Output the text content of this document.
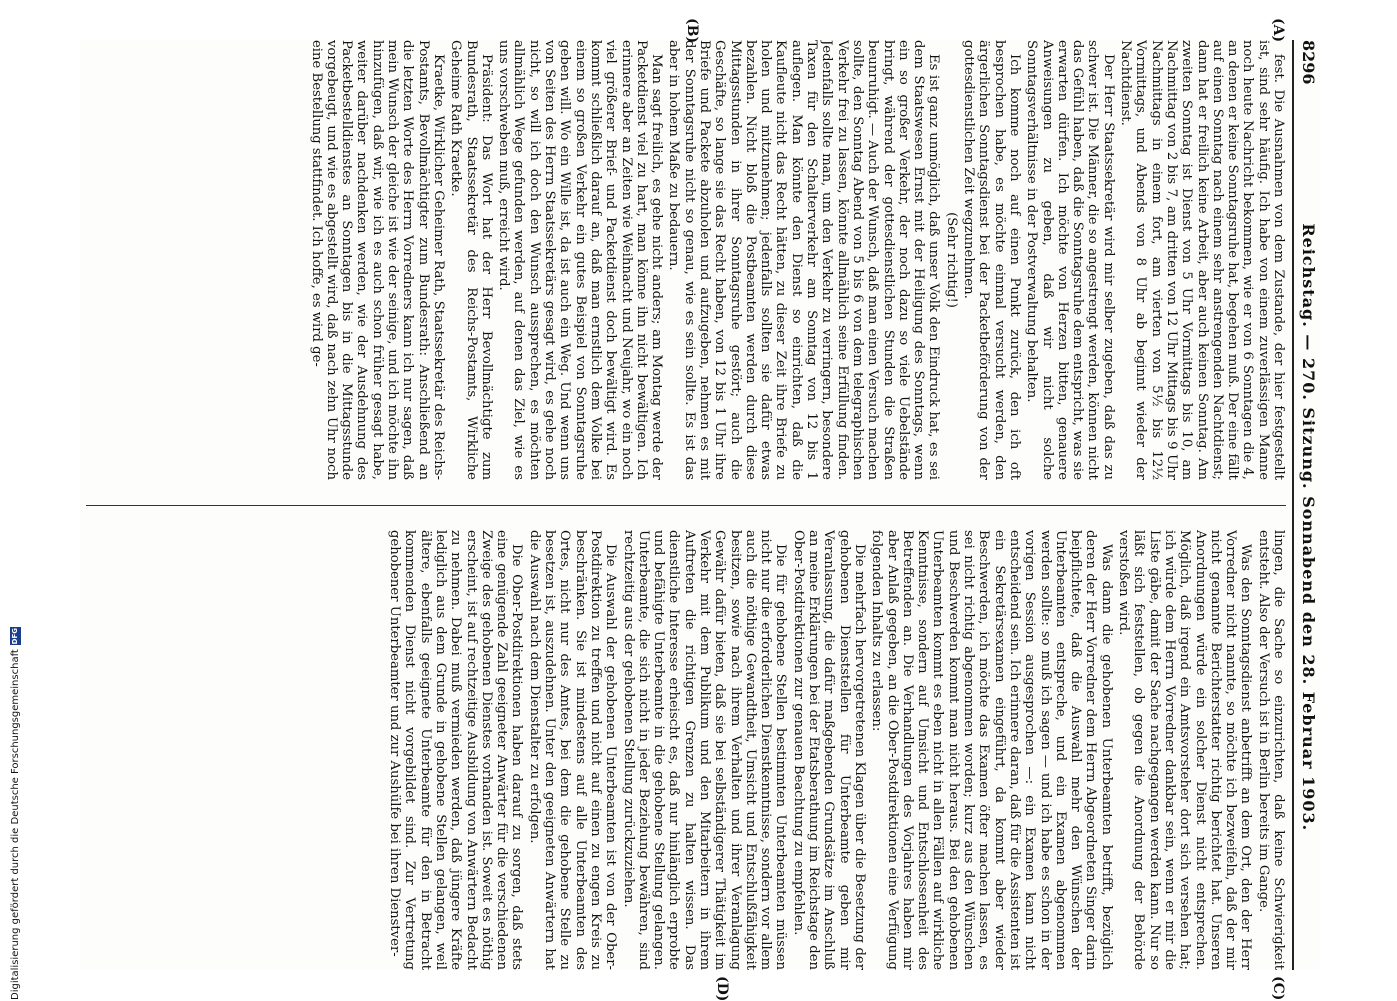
8296
Reichstag. — 270. Sitzung. Sonnabend den 28. Februar 1903.
(A)
(B)
(C)
(D)

fest. Die Ausnahmen von dem Zustande, der hier festgestellt ist, sind sehr häufig. Ich habe von einem zuverlässigen Manne noch heute Nachricht bekommen, wie er von 6 Sonntagen die 4, an denen er keine Sonntagsruhe hat, begehen muß. Der eine fällt auf einen Sonntag nach einem sehr anstrengenden Nachtdienst; dann hat er freilich keine Arbeit, aber auch keinen Sonntag. Am zweiten Sonntag ist Dienst von 5 Uhr Vormittags bis 10, am Nachmittag von 2 bis 7, am dritten von 12 Uhr Mittags bis 9 Uhr Nachmittags in einem fort, am vierten von 5½ bis 12½ Vormittags, und Abends von 8 Uhr ab beginnt wieder der Nachtdienst.

Der Herr Staatssekretär wird mir selber zugeben, daß das zu schwer ist. Die Männer, die so angestrengt werden, können nicht das Gefühl haben, daß die Sonntagsruhe dem entspricht, was sie erwarten dürfen. Ich möchte von Herzen bitten, genauere Anweisungen zu geben, daß wir nicht solche Sonntagsverhältnisse in der Postverwaltung behalten.

Ich komme noch auf einen Punkt zurück, den ich oft besprochen habe, es möchte einmal versucht werden, den ärgerlichen Sonntagsdienst bei der Packetbeförderung von der gottesdienstlichen Zeit wegzunehmen.

(Sehr richtig!)

Es ist ganz unmöglich, daß unser Volk den Eindruck hat, es sei dem Staatswesen Ernst mit der Heiligung des Sonntags, wenn ein so großer Verkehr, der noch dazu so viele Uebelstände bringt, während der gottesdienstlichen Stunden die Straßen beunruhigt. — Auch der Wunsch, daß man einen Versuch machen sollte, den Sonntag Abend von 5 bis 6 von dem telegraphischen Verkehr frei zu lassen, könnte allmählich seine Erfüllung finden. Jedenfalls sollte man, um den Verkehr zu verringern, besondere Taxen für den Schalterverkehr am Sonntag von 12 bis 1 auflegen. Man könnte den Dienst so einrichten, daß die Kaufleute nicht das Recht hätten, zu dieser Zeit ihre Briefe zu holen und mitzunehmen; jedenfalls sollten sie dafür etwas bezahlen. Nicht bloß die Postbeamten werden durch diese Mittagsstunden in ihrer Sonntagsruhe gestört; auch die Geschäfte, so lange sie das Recht haben, von 12 bis 1 Uhr ihre Briefe und Packete abzuholen und aufzugeben, nehmen es mit der Sonntagsruhe nicht so genau, wie es sein sollte. Es ist das aber in hohem Maße zu bedauern.

Man sagt freilich, es gehe nicht anders; am Montag werde der Packetdienst viel zu hart, man könne ihn nicht bewältigen. Ich erinnere aber an Zeiten wie Weihnacht und Neujahr, wo ein noch viel größerer Brief- und Packetdienst doch bewältigt wird. Es kommt schließlich darauf an, daß man ernstlich dem Volke bei einem so großen Verkehr ein gutes Beispiel von Sonntagsruhe geben will. Wo ein Wille ist, da ist auch ein Weg. Und wenn uns von Seiten des Herrn Staatssekretärs gesagt wird, es gehe noch nicht, so will ich doch den Wunsch aussprechen, es möchten allmählich Wege gefunden werden, auf denen das Ziel, wie es uns vorschweben muß, erreicht wird.

Präsident: Das Wort hat der Herr Bevollmächtigte zum Bundesrath, Staatssekretär des Reichs-Postamts, Wirkliche Geheime Rath Kraetke.

Kraetke, Wirklicher Geheimer Rath, Staatssekretär des Reichs-Postamts, Bevollmächtigter zum Bundesrath: Anschließend an die letzten Worte des Herrn Vorredners kann ich nur sagen, daß mein Wunsch der gleiche ist wie der seinige, und ich möchte ihn hinzufügen, daß wir, wie ich es auch schon früher gesagt habe, weiter darüber nachdenken werden, wie der Ausdehnung des Packetbestelldienstes an Sonntagen bis in die Mittagsstunde vorgebeugt, und wie es abgestellt wird, daß nach zehn Uhr noch eine Bestellung stattfindet. Ich hoffe, es wird ge-

lingen, die Sache so einzurichten, daß keine Schwierigkeit entsteht. Also der Versuch ist in Berlin bereits im Gange.

Was den Sonntagsdienst anbetrifft an dem Ort, den der Herr Vorredner nicht nannte, so möchte ich bezweifeln, daß der mir nicht genannte Berichterstatter richtig berichtet hat. Unseren Anordnungen würde ein solcher Dienst nicht entsprechen. Möglich, daß irgend ein Amtsvorsteher dort sich versehen hat; ich würde dem Herrn Vorredner dankbar sein, wenn er mir die Liste gäbe, damit der Sache nachgegangen werden kann. Nur so läßt sich feststellen, ob gegen die Anordnung der Behörde verstoßen wird.

Was dann die gehobenen Unterbeamten betrifft, bezüglich deren der Herr Vorredner dem Herrn Abgeordneten Singer darin beipflichtete, daß die Auswahl mehr den Wünschen der Unterbeamten entspreche, und ein Examen abgenommen werden sollte: so muß ich sagen — und ich habe es schon in der vorigen Session ausgesprochen —: ein Examen kann nicht entscheidend sein. Ich erinnere daran, daß für die Assistenten ist ein Sekretärsexamen eingeführt, da kommt aber wieder Beschwerden, ich möchte das Examen öfter machen lassen, es sei nicht richtig abgenommen worden; kurz aus den Wünschen und Beschwerden kommt man nicht heraus. Bei den gehobenen Unterbeamten kommt es eben nicht in allen Fällen auf wirkliche Kenntnisse, sondern auf Umsicht und Entschlossenheit des Betreffenden an. Die Verhandlungen des Vorjahres haben mir aber Anlaß gegeben, an die Ober-Postdirektionen eine Verfügung folgenden Inhalts zu erlassen:

Die mehrfach hervorgetretenen Klagen über die Besetzung der gehobenen Dienststellen für Unterbeamte geben mir Veranlassung, die dafür maßgebenden Grundsätze im Anschluß an meine Erklärungen bei der Etatsberathung im Reichstage den Ober-Postdirektionen zur genauen Beachtung zu empfehlen.

Die für gehobene Stellen bestimmten Unterbeamten müssen nicht nur die erforderlichen Dienstkenntnisse, sondern vor allem auch die nöthige Gewandtheit, Umsicht und Entschlußfähigkeit besitzen, sowie nach ihrem Verhalten und ihrer Veranlagung Gewähr dafür bieten, daß sie bei selbständigerer Thätigkeit im Verkehr mit dem Publikum und den Mitarbeitern in ihrem Auftreten die richtigen Grenzen zu halten wissen. Das dienstliche Interesse erheischt es, daß nur hinlänglich erprobte und befähigte Unterbeamte in die gehobene Stellung gelangen. Unterbeamte, die sich nicht in jeder Beziehung bewähren, sind rechtzeitig aus der gehobenen Stellung zurückzuziehen.

Die Auswahl der gehobenen Unterbeamten ist von der Ober-Postdirektion zu treffen und nicht auf einen zu engen Kreis zu beschränken. Sie ist mindestens auf alle Unterbeamten des Ortes, nicht nur des Amtes, bei dem die gehobene Stelle zu besetzen ist, auszudehnen. Unter den geeigneten Anwärtern hat die Auswahl nach dem Dienstalter zu erfolgen.

Die Ober-Postdirektionen haben darauf zu sorgen, daß stets eine genügende Zahl geeigneter Anwärter für die verschiedenen Zweige des gehobenen Dienstes vorhanden ist. Soweit es nöthig erscheint, ist auf rechtzeitige Ausbildung von Anwärtern Bedacht zu nehmen. Dabei muß vermieden werden, daß jüngere Kräfte lediglich aus dem Grunde in gehobene Stellen gelangen, weil ältere, ebenfalls geeignete Unterbeamte für den in Betracht kommenden Dienst nicht vorgebildet sind. Zur Vertretung gehobener Unterbeamter und zur Aushülfe bei ihren Dienstver-

Digitalisierung gefördert durch die Deutsche Forschungsgemeinschaft
DFG
